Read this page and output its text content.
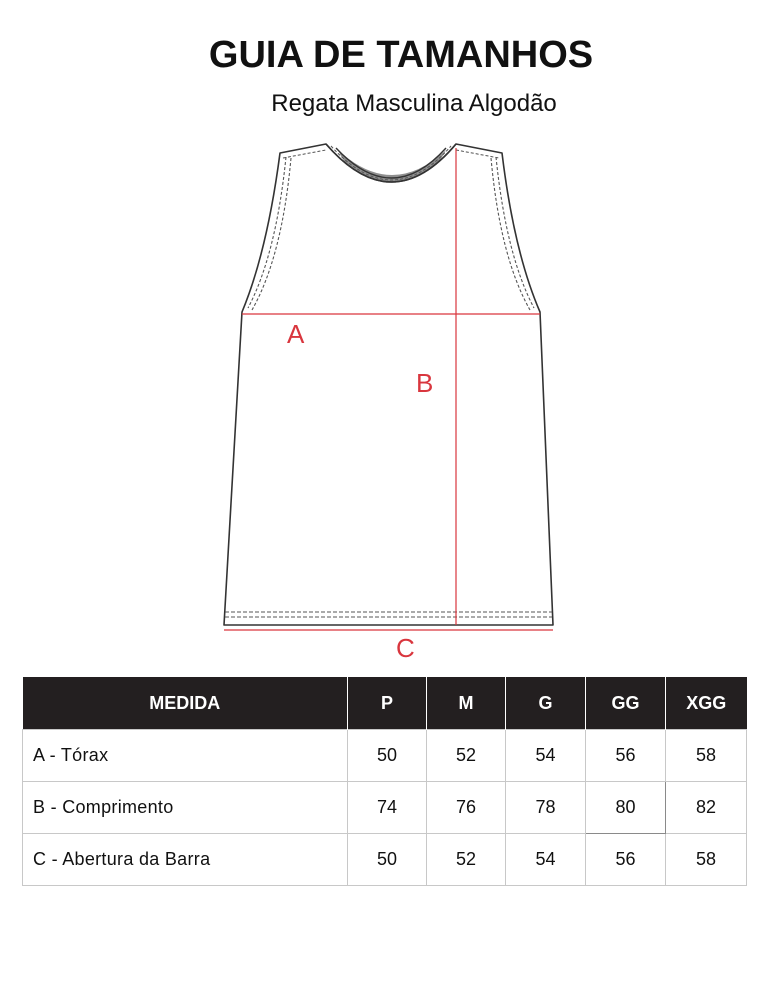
GUIA DE TAMANHOS
Regata Masculina Algodão
A
B
C
MEDIDA	P	M	G	GG	XGG
A - Tórax	50	52	54	56	58
B - Comprimento	74	76	78	80	82
C - Abertura da Barra	50	52	54	56	58
